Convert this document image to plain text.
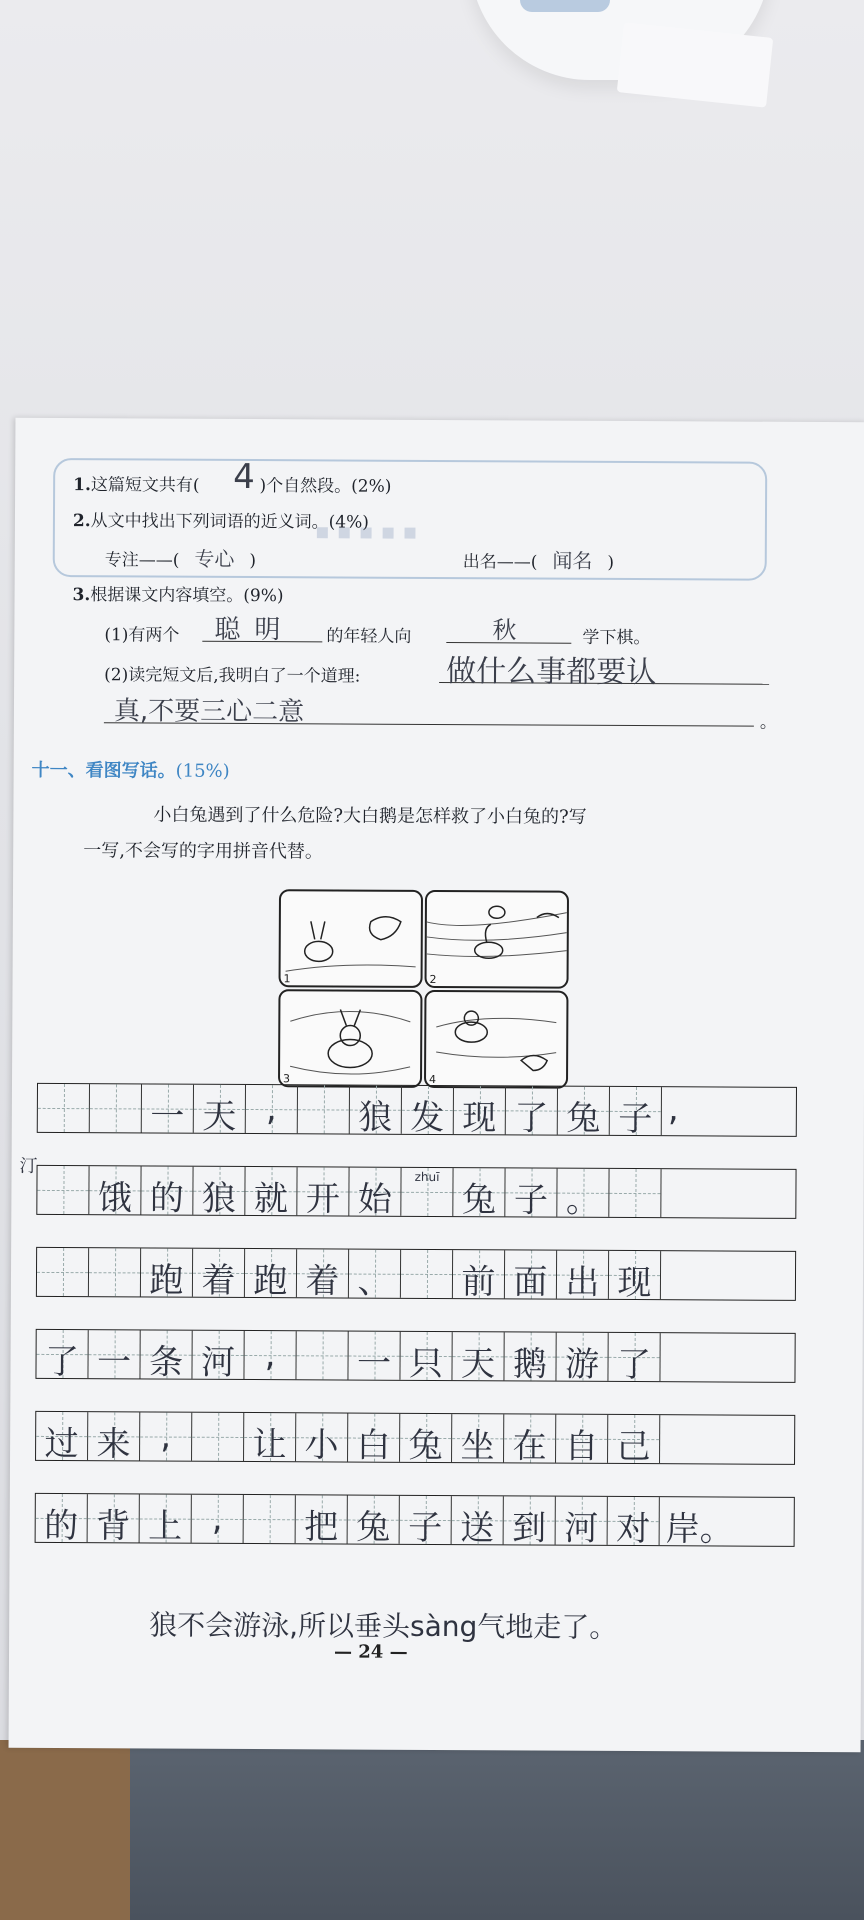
▪ ▪ ▪ ▪ ▪
1.这篇短文共有(	)个自然段。(2%)
4
2.从文中找出下列词语的近义词。(4%)
专注——( 专心 )	出名——( 闻名 )
3.根据课文内容填空。(9%)
(1)有两个 聪明 的年轻人向	秋	学下棋。
(2)读完短文后,我明白了一个道理:	做什么事都要认
真,不要三心二意	。
十一、看图写话。(15%)
小白兔遇到了什么危险?大白鹅是怎样救了小白兔的?写
一写,不会写的字用拼音代替。
1	2
3	4
一 天 ,	狼 发 现 了 兔 子 ,
汀
饿 的 狼 就 开 始
zhuī
兔 子 。
跑 着 跑 着 、 前 面 出 现
了 一 条 河 ,	一 只 天 鹅 游 了
过 来 ,	让 小 白 兔 坐 在 自 己
的 背 上 ,	把 兔 子 送 到 河 对 岸。
狼不会游泳,所以垂头sàng气地走了。
— 24 —
